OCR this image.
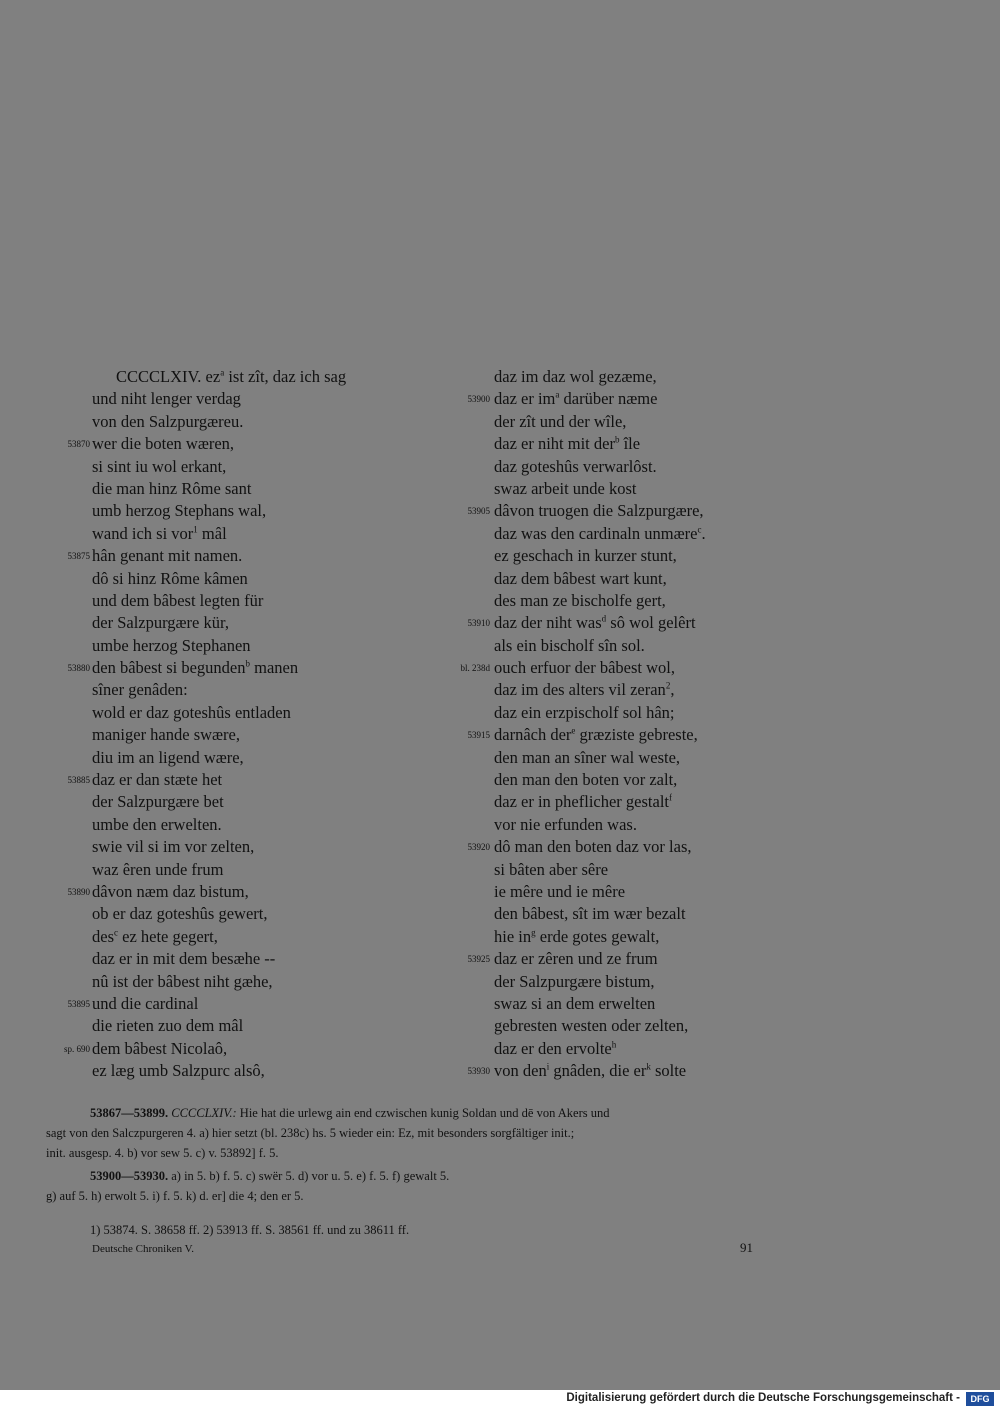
CCCCLXIV. $ez^a$ ist zît, daz ich sag
und niht lenger verdag
von den Salzpurgæreu.
53870 wer die boten wæren,
si sint iu wol erkant,
die man hinz Rôme sant
umb herzog Stephans wal,
wand ich si vor$^1$ mâl
53875 hân genant mit namen.
dô si hinz Rôme kâmen
und dem bâbest legten für
der Salzpurgære kür,
umbe herzog Stephanen
53880 den bâbest si begunden$^b$ manen
sîner genâden:
wold er daz goteshûs entladen
maniger hande swære,
diu im an ligend wære,
53885 daz er dan stæte het
der Salzpurgære bet
umbe den erwelten.
swie vil si im vor zelten,
waz êren unde frum
53890 dâvon næm daz bistum,
ob er daz goteshûs gewert,
des$^c$ ez hete gegert,
daz er in mit dem besæhe --
nû ist der bâbest niht gæhe,
53895 und die cardinal
die rieten zuo dem mâl
sp. 690 dem bâbest Nicolaô,
ez læg umb Salzpurc alsô,
daz im daz wol gezæme,
53900 daz er $im^a$ darüber næme
der zît und der wîle,
daz er niht mit der$^b$ île
daz goteshûs verwarlôst.
swaz arbeit unde kost
53905 dâvon truogen die Salzpurgære,
daz was den cardinaln unmære$^c$.
ez geschach in kurzer stunt,
daz dem bâbest wart kunt,
des man ze bischolfe gert,
53910 daz der niht was$^d$ sô wol gelêrt
als ein bischolf sîn sol.
bl. 238d ouch erfuor der bâbest wol,
daz im des alters vil zeran$^2$,
daz ein erzpischolf sol hân;
53915 darnâch der$^e$ græziste gebreste,
den man an sîner wal weste,
den man den boten vor zalt,
daz er in pheflicher gestalt$^f$
vor nie erfunden was.
53920 dô man den boten daz vor las,
si bâten aber sêre
ie mêre und ie mêre
den bâbest, sît im wær bezalt
hie $in^g$ erde gotes gewalt,
53925 daz er zêren und ze frum
der Salzpurgære bistum,
swaz si an dem erwelten
gebresten westen oder zelten,
daz er den ervolte$^h$
53930 von den$^i$ gnâden, die $er^k$ solte
53867—53899. CCCCLXIV.: Hie hat die urlewg ain end czwischen kunig Soldan und dē von Akers und
sagt von den Salczpurgeren 4. a) hier setzt (bl. 238c) hs. 5 wieder ein: Ez, mit besonders sorgfältiger init.;
init. ausgesp. 4. b) vor sew 5. c) v. 53892] f. 5.
53900—53930. a) in 5. b) f. 5. c) swër 5. d) vor u. 5. e) f. 5. f) gewalt 5.
g) auf 5. h) erwolt 5. i) f. 5. k) d. er] die 4; den er 5.
1) 53874. S. 38658 ff. 2) 53913 ff. S. 38561 ff. und zu 38611 ff.
Deutsche Chroniken V.	91
Digitalisierung gefördert durch die Deutsche Forschungsgemeinschaft -	DFG
